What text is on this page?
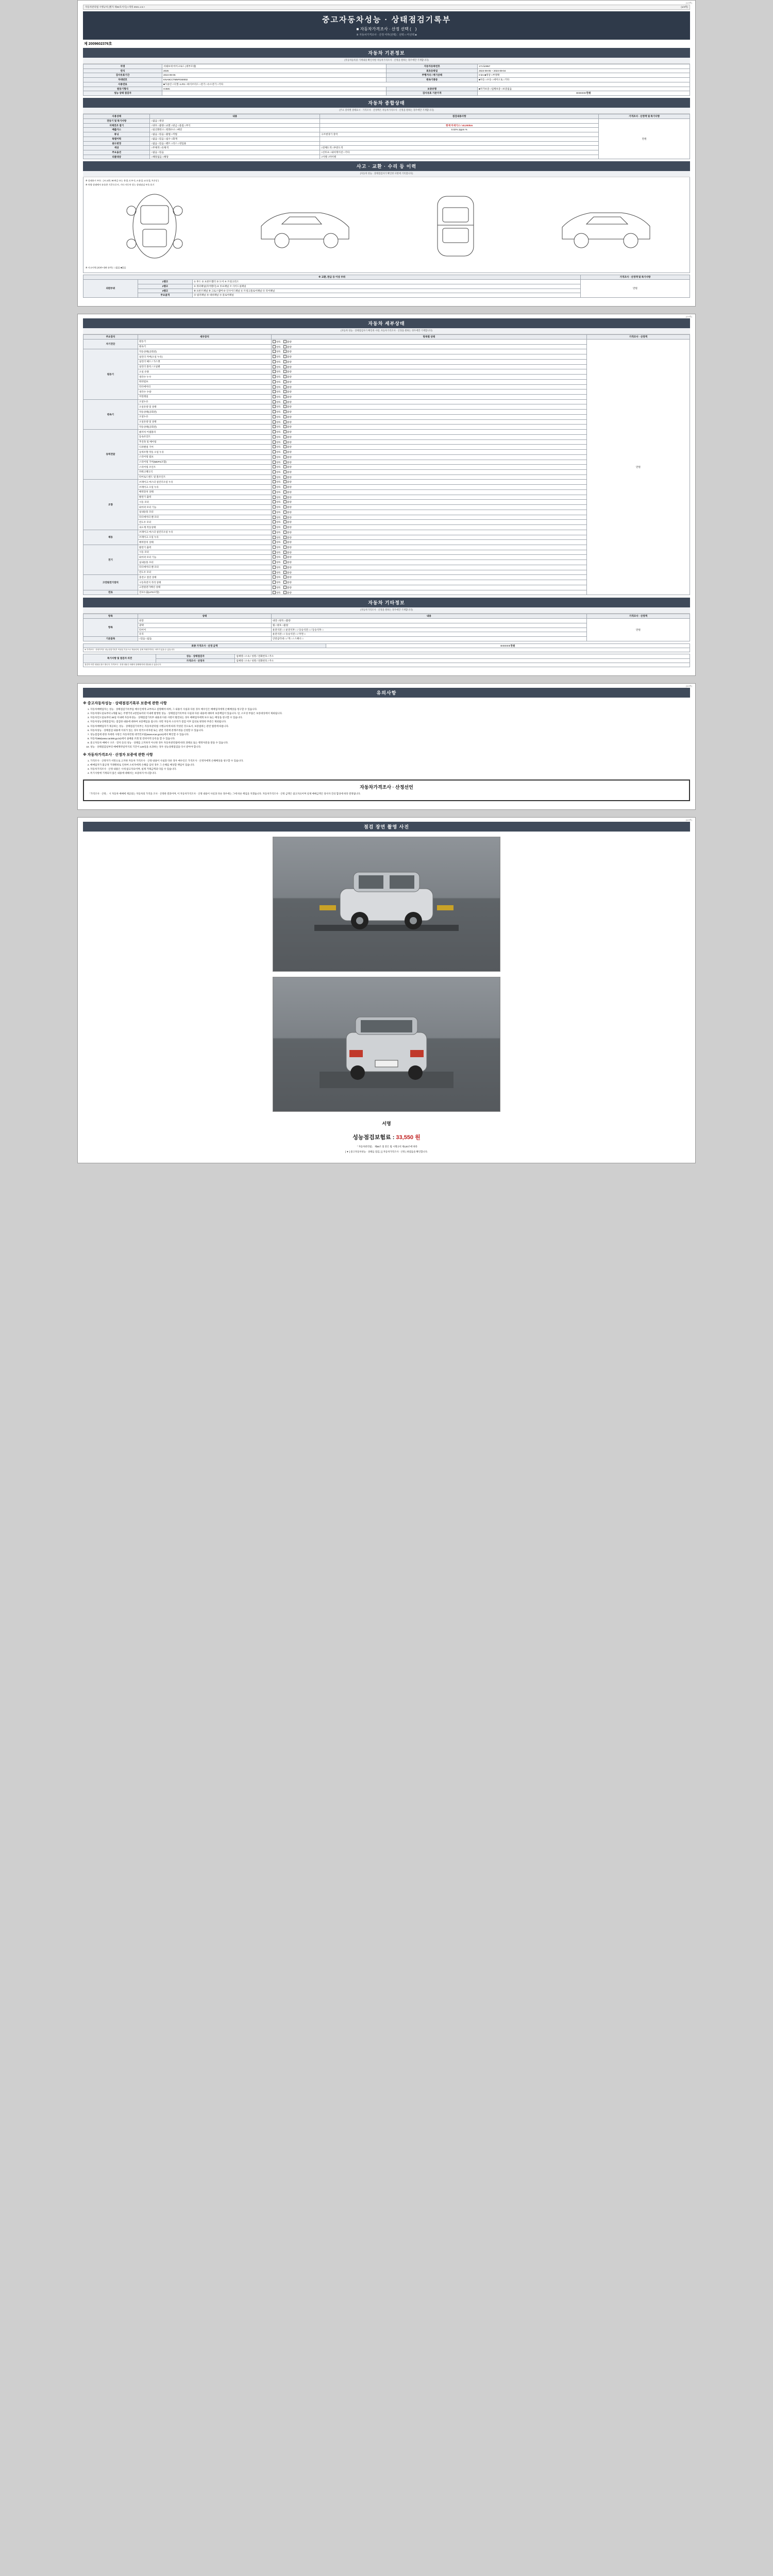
(1/4쪽)
자동차관리법 시행규칙 [별지 제82호서식] <개정 2021.1.5.>	(1/4쪽)
중고자동차성능 · 상태점검기록부
■ 자동차가격조사 · 산정 선택 (　)
※ 자동차가격조사 · 산정 여부(선택)：선택 □ 미선택 ■
제 2009602376호
자동차 기본정보
(자동차등록증 기재내용 확인사항 자동차가격조사 · 산정을 원하는 경우에만 기재합니다)
차명	셔쉐보네 마이크로드 (세부모델)	자동차등록번호	171로0957
연식	2025	최초등록일	2024-09-05 ~ 2024-09-04
검사유효기간	2024-09-05	주행거리 / 계기상태	0 km ■정상 □부정확
차대번호	KNA9CCTM5PG60002	변속기종류	■자동 □수동 □세미오토 □기타
사용연료	■가솔린 □디젤 □LPG □하이브리드 □전기 □수소전기 □기타		
원동기형식	H4MC	보증유형	■자가보증 □업체보증 □보증없음
성능·상태 점검자		검사유효 기준가격	0 0 0 0 0 만원
자동차 종합상태
(주요 장치별 상태표시 · 가격조사 · 산정액은 자동차가격조사 · 산정을 원하는 경우에만 기재합니다)
사용상태	내용	점검내용사항	가격조사 · 산정액 및 특기사항
전동기 및 특기사항	□없음 □정상		만원
자체전조 점기	□양호 □불량 □교환 □판금 □흠집 □부식	현재 미세기스 / 40,000km	
배출가스	□일산화탄소 □탄화수소 □매연	0.02% 2ppm %	
튜닝	□없음 □있음 □불법 □적법	구조변경기 장착	
특별이력	□없음 □있음 □침수 □화재		
용도변경	□없음 □있음 □렌트 □리스 □영업용		
색상	□무채색 □유채색	□전체도색 □부분도색	
주요옵션	□없음 □있음	□선루프 □내비게이션 □기타	
리콜대상	□해당없음 □해당	□이행 □미이행	
사고 · 교환 · 수리 등 이력
(자동차 성능 · 상태점검자가 확인한 사항에 기록합니다)
※ 상태표시 부호 : ( X:교환, W:판금 또는 용접, C:부식, A:흠집, U:요철, T:손상 )
※ 차량 상태에서 유효한 기준으로서, 기타 자동차 성능 상태점검 부호 표기
※ 사고이력 (외판+내판 유무) : □없음 ■있음
※ 교환, 판금 등 이상 부위			가격조사 · 산정액 및 특기사항
외판부위	1랭크	① 후드 ② 프론트휀더 ③ 도어 ④ 트렁크리드	만원
	2랭크	⑤ 쿼터패널(리어휀더) ⑥ 루프패널 ⑦ 사이드실패널	
	3랭크	⑧ 프론트패널 ⑨ 크로스멤버 ⑩ 인사이드패널 ⑪ 트렁크플로어패널 ⑫ 리어패널	
	주요골격	⑬ 필러패널 ⑭ 대쉬패널 ⑮ 플로어패널	
(2/4쪽)
자동차 세부상태
(자동차 성능 · 상태점검자가 확인한 사항, 자동차가격조사 · 산정을 원하는 경우에만 기재합니다)
주요장치	세부장치	항목별 상태	가격조사 · 산정액
자기진단	원동기	양호 불량	만원
	변속기	양호 불량	
원동기	작동상태(공회전)	양호 불량	
	실린더 커버(오일 누유)	양호 불량	
	실린더 헤드 / 가스켓	양호 불량	
	실린더 블록 / 오일팬	양호 불량	
	오일 유량	양호 불량	
	냉각수 누수	양호 불량	
	워터펌프	양호 불량	
	라디에이터	양호 불량	
	냉각수 수량	양호 불량	
	커먼레일	양호 불량	
변속기	오일누유	양호 불량	
	오일유량 및 상태	양호 불량	
	작동상태(공회전)	양호 불량	
	오일누유	양호 불량	
	오일유량 및 상태	양호 불량	
	작동상태(공회전)	양호 불량	
동력전달	클러치 어셈블리	양호 불량	
	등속조인트	양호 불량	
	추진축 및 베어링	양호 불량	
	디퍼렌셜 기어	양호 불량	
	동력조향 작동 오일 누유	양호 불량	
	스티어링 펌프	양호 불량	
	스티어링 기어(MDPS포함)	양호 불량	
	스티어링 조인트	양호 불량	
	파워크랭크식	양호 불량	
	타이로드엔드 및 볼조인트	양호 불량	
조향	브레이크 마스터 실린더오일 누유	양호 불량	
	브레이크 오일 누유	양호 불량	
	배력장치 상태	양호 불량	
	발전기 출력	양호 불량	
	시동 모터	양호 불량	
	와이퍼 모터 기능	양호 불량	
	실내송풍 모터	양호 불량	
	라디에이터 팬 모터	양호 불량	
	윈도우 모터	양호 불량	
	속도계 작동상태	양호 불량	
제동	브레이크 마스터 실린더오일 누유	양호 불량	
	브레이크 오일 누유	양호 불량	
	배력장치 상태	양호 불량	
전기	발전기 출력	양호 불량	
	시동 모터	양호 불량	
	와이퍼 모터 기능	양호 불량	
	실내송풍 모터	양호 불량	
	라디에이터 팬 모터	양호 불량	
	윈도우 모터	양호 불량	
고전원전기장치	충전구 절연 상태	양호 불량	
	구동축전지 격리 상태	양호 불량	
	고전원전기배선 상태	양호 불량	
연료	연료누출(LPG포함)	양호 불량	
자동차 기타정보
(자동차가격조사 · 산정을 원하는 경우에만 기재합니다)
항목	상태	내용	가격조사 · 산정액
항목	외장	내장 □양호 □불량	만원
	광택	휠 □양호 □불량	
	타이어	운전석전 □ / 운전석후 □ / 동승석전 □ / 동승석후 □	
	유리	운전석전 □ / 동승석전 □ / 후면 □	
기본품목	□있음 □없음	안전삼각대 □ / 잭 □ / 스패너 □	
최종 가격조사 · 산정 금액	0 0 0 0 0 만원
※ 가격조사 · 산정가격은 성능점검기록부 작성일 기준으로 적용되며, 실제 거래가격과는 차이가 있을 수 있습니다.
특기사항 및 점검자 의견	성능 · 상태점검자	업체명 / 소속 / 성명 / 전화번호 / 주소
	가격조사 · 산정자	업체명 / 소속 / 성명 / 전화번호 / 주소
점검자 의견 내용을 참고 합니다. 가격조사 · 산정 내용은 차량의 상태에 따라 변동될 수 있습니다.		
(3/4쪽)
유의사항
※ 중고자동차성능 · 상태점검기록부 보증에 관한 사항
1. 자동차매매업자는 성능 · 상태점검기록부를 매수인에게 교부하고 설명해야 하며, 그 내용이 사실과 다른 경우 매수인은 매매업자에게 손해배상을 청구할 수 있습니다.
2. 자동차양도일로부터 1개월 또는 주행거리 2천킬로미터 이내에 발생한 성능 · 상태점검기록부의 사실과 다른 내용에 대하여 보증책임이 있습니다. 단, 소모성 부품은 보증대상에서 제외됩니다.
3. 자동차인도일로부터 30일 이내에 자동차성능 · 상태점검기록부 내용과 다른 사항이 발견되는 경우 매매업자에게 보수 또는 배상을 청구할 수 있습니다.
4. 자동차성능상태점검자는 점검한 내용에 대하여 보증책임을 집니다. 다만 자동차 소유자가 점검 이후 임의로 변경한 부분은 제외됩니다.
5. 자동차매매업자가 제공하는 성능 · 상태점검기록부는 자동차관리법 시행규칙에 따라 작성된 것으로서, 보증범위는 관련 법령에 따릅니다.
6. 자동차성능 · 상태점검 내용에 이의가 있는 경우 한국소비자원 또는 관련 기관에 분쟁조정을 신청할 수 있습니다.
7. 성능점검에 관한 자세한 사항은 자동차민원 대국민포털(www.ecar.go.kr)에서 확인할 수 있습니다.
8. 자동차365(www.car365.go.kr)에서 실매물 조회 및 강비이력 등록을 할 수 있습니다.
9. 중고자동차 매매시 구조 · 장치 등의 성능 · 상태를 고지하지 아니한 경우 자동차관리법에 따라 과태료 또는 행정처분을 받을 수 있습니다.
10. 성능 · 상태점검일부터 매매계약일까지의 기간이 120일을 초과하는 경우 성능상태점검을 다시 받아야 합니다.
※ 자동차가격조사 · 산정자 보증에 관한 사항
1. 가격조사 · 산정자가 서면으로 고지한 자동차 가격조사 · 산정 내용이 사실과 다른 경우 매수인은 가격조사 · 산정자에게 손해배상을 청구할 수 있습니다.
2. 매매업자가 불공정 거래행위로 인하여 소비자에게 손해를 입힌 경우 그 손해를 배상할 책임이 있습니다.
3. 자동차가격조사 · 산정 내용은 시세 참고자료이며, 실제 거래금액과 다를 수 있습니다.
4. 특기사항에 기재되지 않은 내용에 대해서는 보증하지 아니합니다.
자동차가격조사 · 산정선언

「가격조사 · 산정」 시 자동차 매매에 제공되는 자동차의 가격을 조사 · 산정한 결과이며, 이 자동차가격조사 · 산정 내용이 사실과 다른 경우에는 그에 따른 책임을 지겠습니다. 자동차가격조사 · 산정 금액은 참고자료이며 실제 매매금액은 당사자 간의 합의에 따라 결정됩니다.

(4/4쪽)
점검 장면 촬영 사진
서명
성능점검보험료 : 33,550 원
「 자동차관리법」 제58조 및 같은 법 시행규칙 제120조에 따라
[ ▼ ] 중고자동차성능 · 상태를 점검, [ ] 자동차가격조사 · 산정 ) 하였음을 확인합니다.
